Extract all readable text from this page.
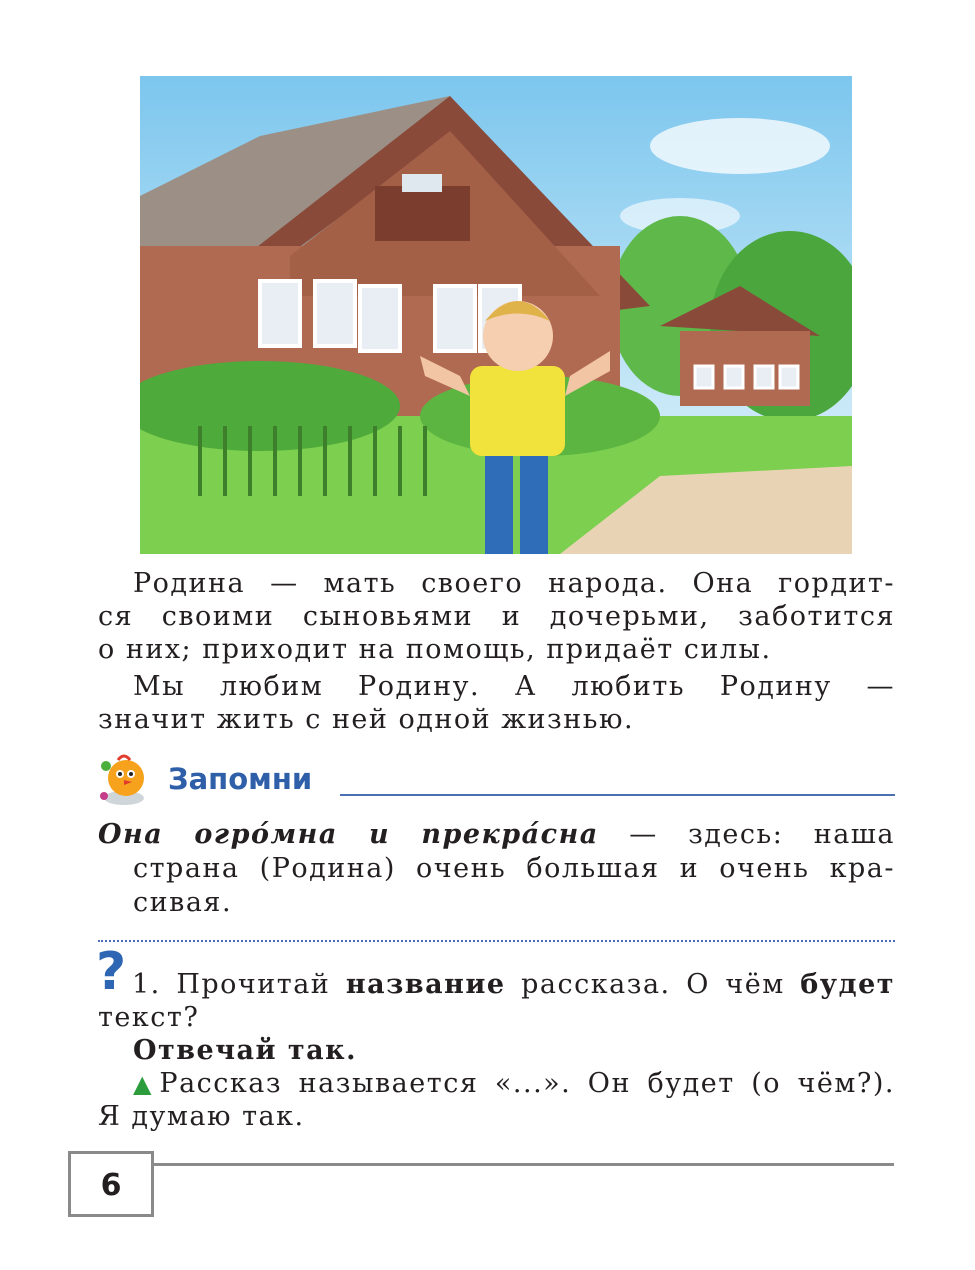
Родина — мать своего народа. Она гордит-
ся своими сыновьями и дочерьми, заботится
о них; приходит на помощь, придаёт силы.
Мы любим Родину. А любить Родину —
значит жить с ней одной жизнью.
Запомни
Она огро́мна и прекра́сна — здесь: наша
страна (Родина) очень большая и очень кра-
сивая.
? 1. Прочитай название рассказа. О чём будет
текст?
Отвечай так.
▲Рассказ называется «...». Он будет (о чём?).
Я думаю так.
6
